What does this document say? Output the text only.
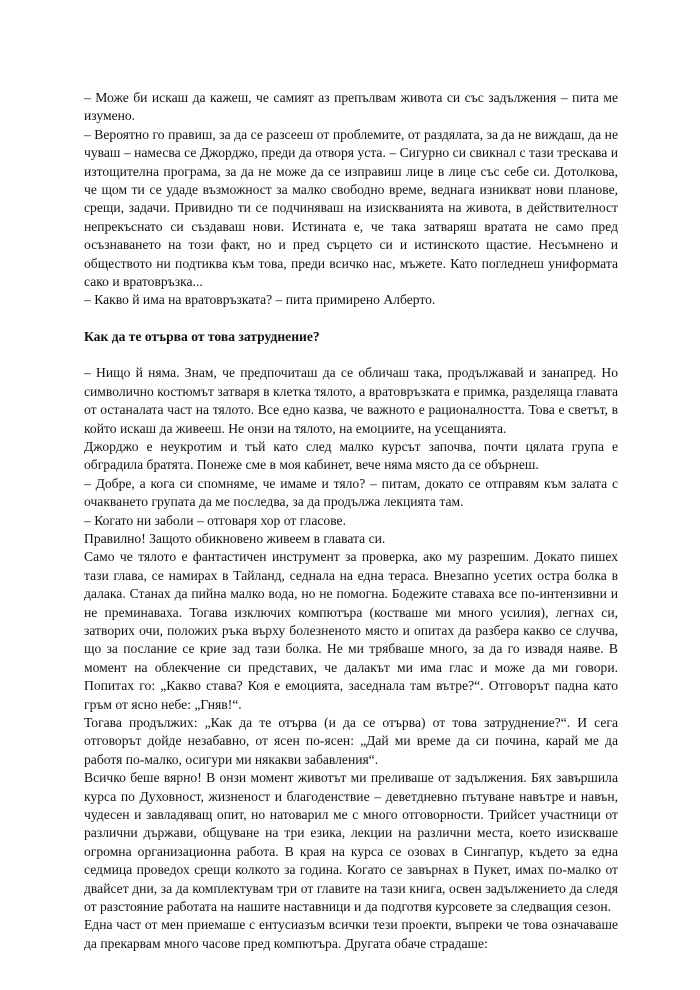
– Може би искаш да кажеш, че самият аз препълвам живота си със задължения – пита ме изумено.

– Вероятно го правиш, за да се разсееш от проблемите, от раздялата, за да не виждаш, да не чуваш – намесва се Джорджо, преди да отворя уста. – Сигурно си свикнал с тази трескава и изтощителна програма, за да не може да се изправиш лице в лице със себе си. Дотолкова, че щом ти се удаде възможност за малко свободно време, веднага изникват нови планове, срещи, задачи. Привидно ти се подчиняваш на изискванията на живота, в действителност непрекъснато си създаваш нови. Истината е, че така затваряш вратата не само пред осъзнаването на този факт, но и пред сърцето си и истинското щастие. Несъмнено и обществото ни подтиква към това, преди всичко нас, мъжете. Като погледнеш униформата сако и вратовръзка...

– Какво й има на вратовръзката? – пита примирено Алберто.

Как да те отърва от това затруднение?

– Нищо й няма. Знам, че предпочиташ да се обличаш така, продължавай и занапред. Но символично костюмът затваря в клетка тялото, а вратовръзката е примка, разделяща главата от останалата част на тялото. Все едно казва, че важното е рационалността. Това е светът, в който искаш да живееш. Не онзи на тялото, на емоциите, на усещанията.

Джорджо е неукротим и тъй като след малко курсът започва, почти цялата група е обградила братята. Понеже сме в моя кабинет, вече няма място да се обърнеш.

– Добре, а кога си спомняме, че имаме и тяло? – питам, докато се отправям към залата с очакването групата да ме последва, за да продължа лекцията там.

– Когато ни заболи – отговаря хор от гласове.

Правилно! Защото обикновено живеем в главата си.

Само че тялото е фантастичен инструмент за проверка, ако му разрешим. Докато пишех тази глава, се намирах в Тайланд, седнала на една тераса. Внезапно усетих остра болка в далака. Станах да пийна малко вода, но не помогна. Бодежите ставаха все по-интензивни и не преминаваха. Тогава изключих компютъра (костваше ми много усилия), легнах си, затворих очи, положих ръка върху болезненото място и опитах да разбера какво се случва, що за послание се крие зад тази болка. Не ми трябваше много, за да го извадя наяве. В момент на облекчение си представих, че далакът ми има глас и може да ми говори. Попитах го: „Какво става? Коя е емоцията, заседнала там вътре?“. Отговорът падна като гръм от ясно небе: „Гняв!“.

Тогава продължих: „Как да те отърва (и да се отърва) от това затруднение?“. И сега отговорът дойде незабавно, от ясен по-ясен: „Дай ми време да си почина, карай ме да работя по-малко, осигури ми някакви забавления“.

Всичко беше вярно! В онзи момент животът ми преливаше от задължения. Бях завършила курса по Духовност, жизненост и благоденствие – деветдневно пътуване навътре и навън, чудесен и завладяващ опит, но натоварил ме с много отговорности. Трийсет участници от различни държави, общуване на три езика, лекции на различни места, което изискваше огромна организационна работа. В края на курса се озовах в Сингапур, където за една седмица проведох срещи колкото за година. Когато се завърнах в Пукет, имах по-малко от двайсет дни, за да комплектувам три от главите на тази книга, освен задължението да следя от разстояние работата на нашите наставници и да подготвя курсовете за следващия сезон.

Една част от мен приемаше с ентусиазъм всички тези проекти, въпреки че това означаваше да прекарвам много часове пред компютъра. Другата обаче страдаше:
